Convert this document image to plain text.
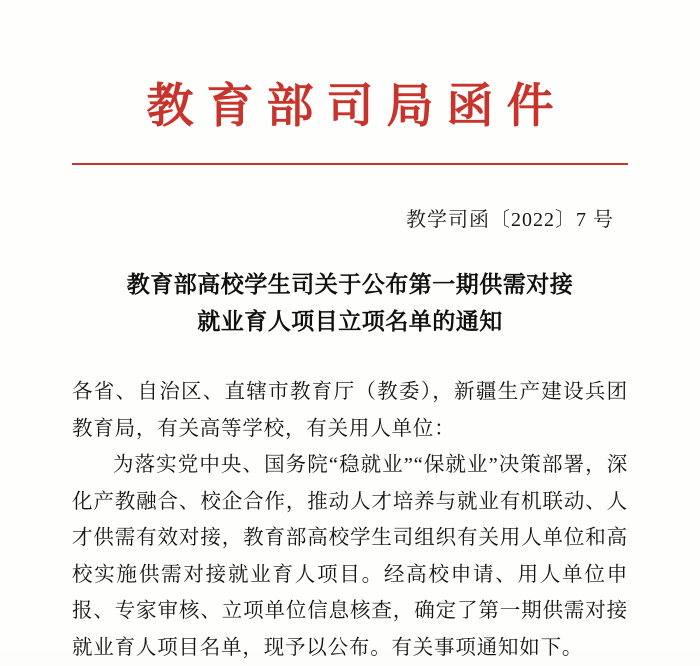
教育部司局函件
教学司函〔2022〕7 号
教育部高校学生司关于公布第一期供需对接
就业育人项目立项名单的通知

各省、自治区、直辖市教育厅（教委），新疆生产建设兵团教育局，有关高等学校，有关用人单位：

为落实党中央、国务院“稳就业”“保就业”决策部署，深化产教融合、校企合作，推动人才培养与就业有机联动、人才供需有效对接，教育部高校学生司组织有关用人单位和高校实施供需对接就业育人项目。经高校申请、用人单位申报、专家审核、立项单位信息核查，确定了第一期供需对接就业育人项目名单，现予以公布。有关事项通知如下。
